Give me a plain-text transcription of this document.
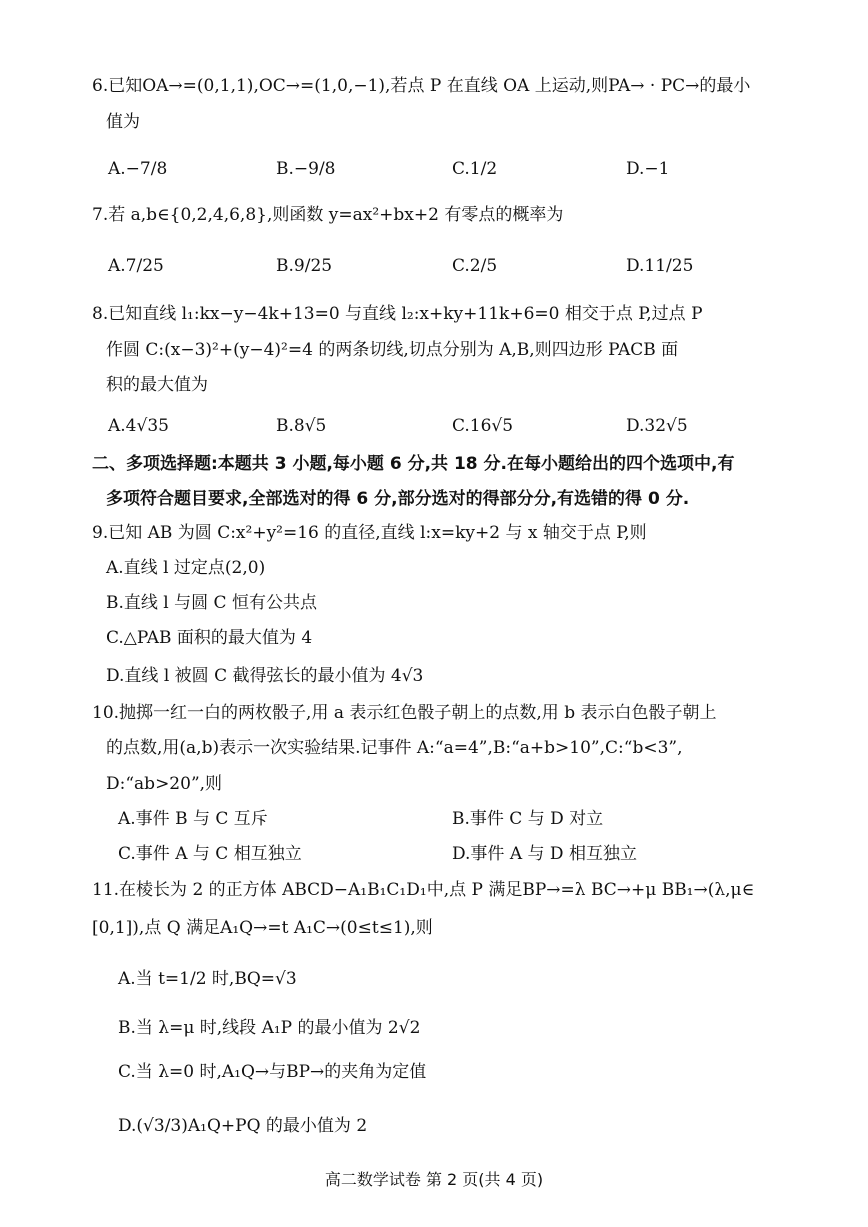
6.已知OA→=(0,1,1),OC→=(1,0,−1),若点 P 在直线 OA 上运动,则PA→ · PC→的最小
值为
A.−7/8	B.−9/8	C.1/2	D.−1
7.若 a,b∈{0,2,4,6,8},则函数 y=ax²+bx+2 有零点的概率为
A.7/25	B.9/25	C.2/5	D.11/25
8.已知直线 l₁:kx−y−4k+13=0 与直线 l₂:x+ky+11k+6=0 相交于点 P,过点 P
作圆 C:(x−3)²+(y−4)²=4 的两条切线,切点分别为 A,B,则四边形 PACB 面
积的最大值为
A.4√35	B.8√5	C.16√5	D.32√5
二、多项选择题:本题共 3 小题,每小题 6 分,共 18 分.在每小题给出的四个选项中,有
多项符合题目要求,全部选对的得 6 分,部分选对的得部分分,有选错的得 0 分.
9.已知 AB 为圆 C:x²+y²=16 的直径,直线 l:x=ky+2 与 x 轴交于点 P,则
A.直线 l 过定点(2,0)
B.直线 l 与圆 C 恒有公共点
C.△PAB 面积的最大值为 4
D.直线 l 被圆 C 截得弦长的最小值为 4√3
10.抛掷一红一白的两枚骰子,用 a 表示红色骰子朝上的点数,用 b 表示白色骰子朝上
的点数,用(a,b)表示一次实验结果.记事件 A:“a=4”,B:“a+b>10”,C:“b<3”,
D:“ab>20”,则
A.事件 B 与 C 互斥	B.事件 C 与 D 对立
C.事件 A 与 C 相互独立	D.事件 A 与 D 相互独立
11.在棱长为 2 的正方体 ABCD−A₁B₁C₁D₁中,点 P 满足BP→=λ BC→+μ BB₁→(λ,μ∈
[0,1]),点 Q 满足A₁Q→=t A₁C→(0≤t≤1),则
A.当 t=1/2 时,BQ=√3
B.当 λ=μ 时,线段 A₁P 的最小值为 2√2
C.当 λ=0 时,A₁Q→与BP→的夹角为定值
D.(√3/3)A₁Q+PQ 的最小值为 2
高二数学试卷 第 2 页(共 4 页)
